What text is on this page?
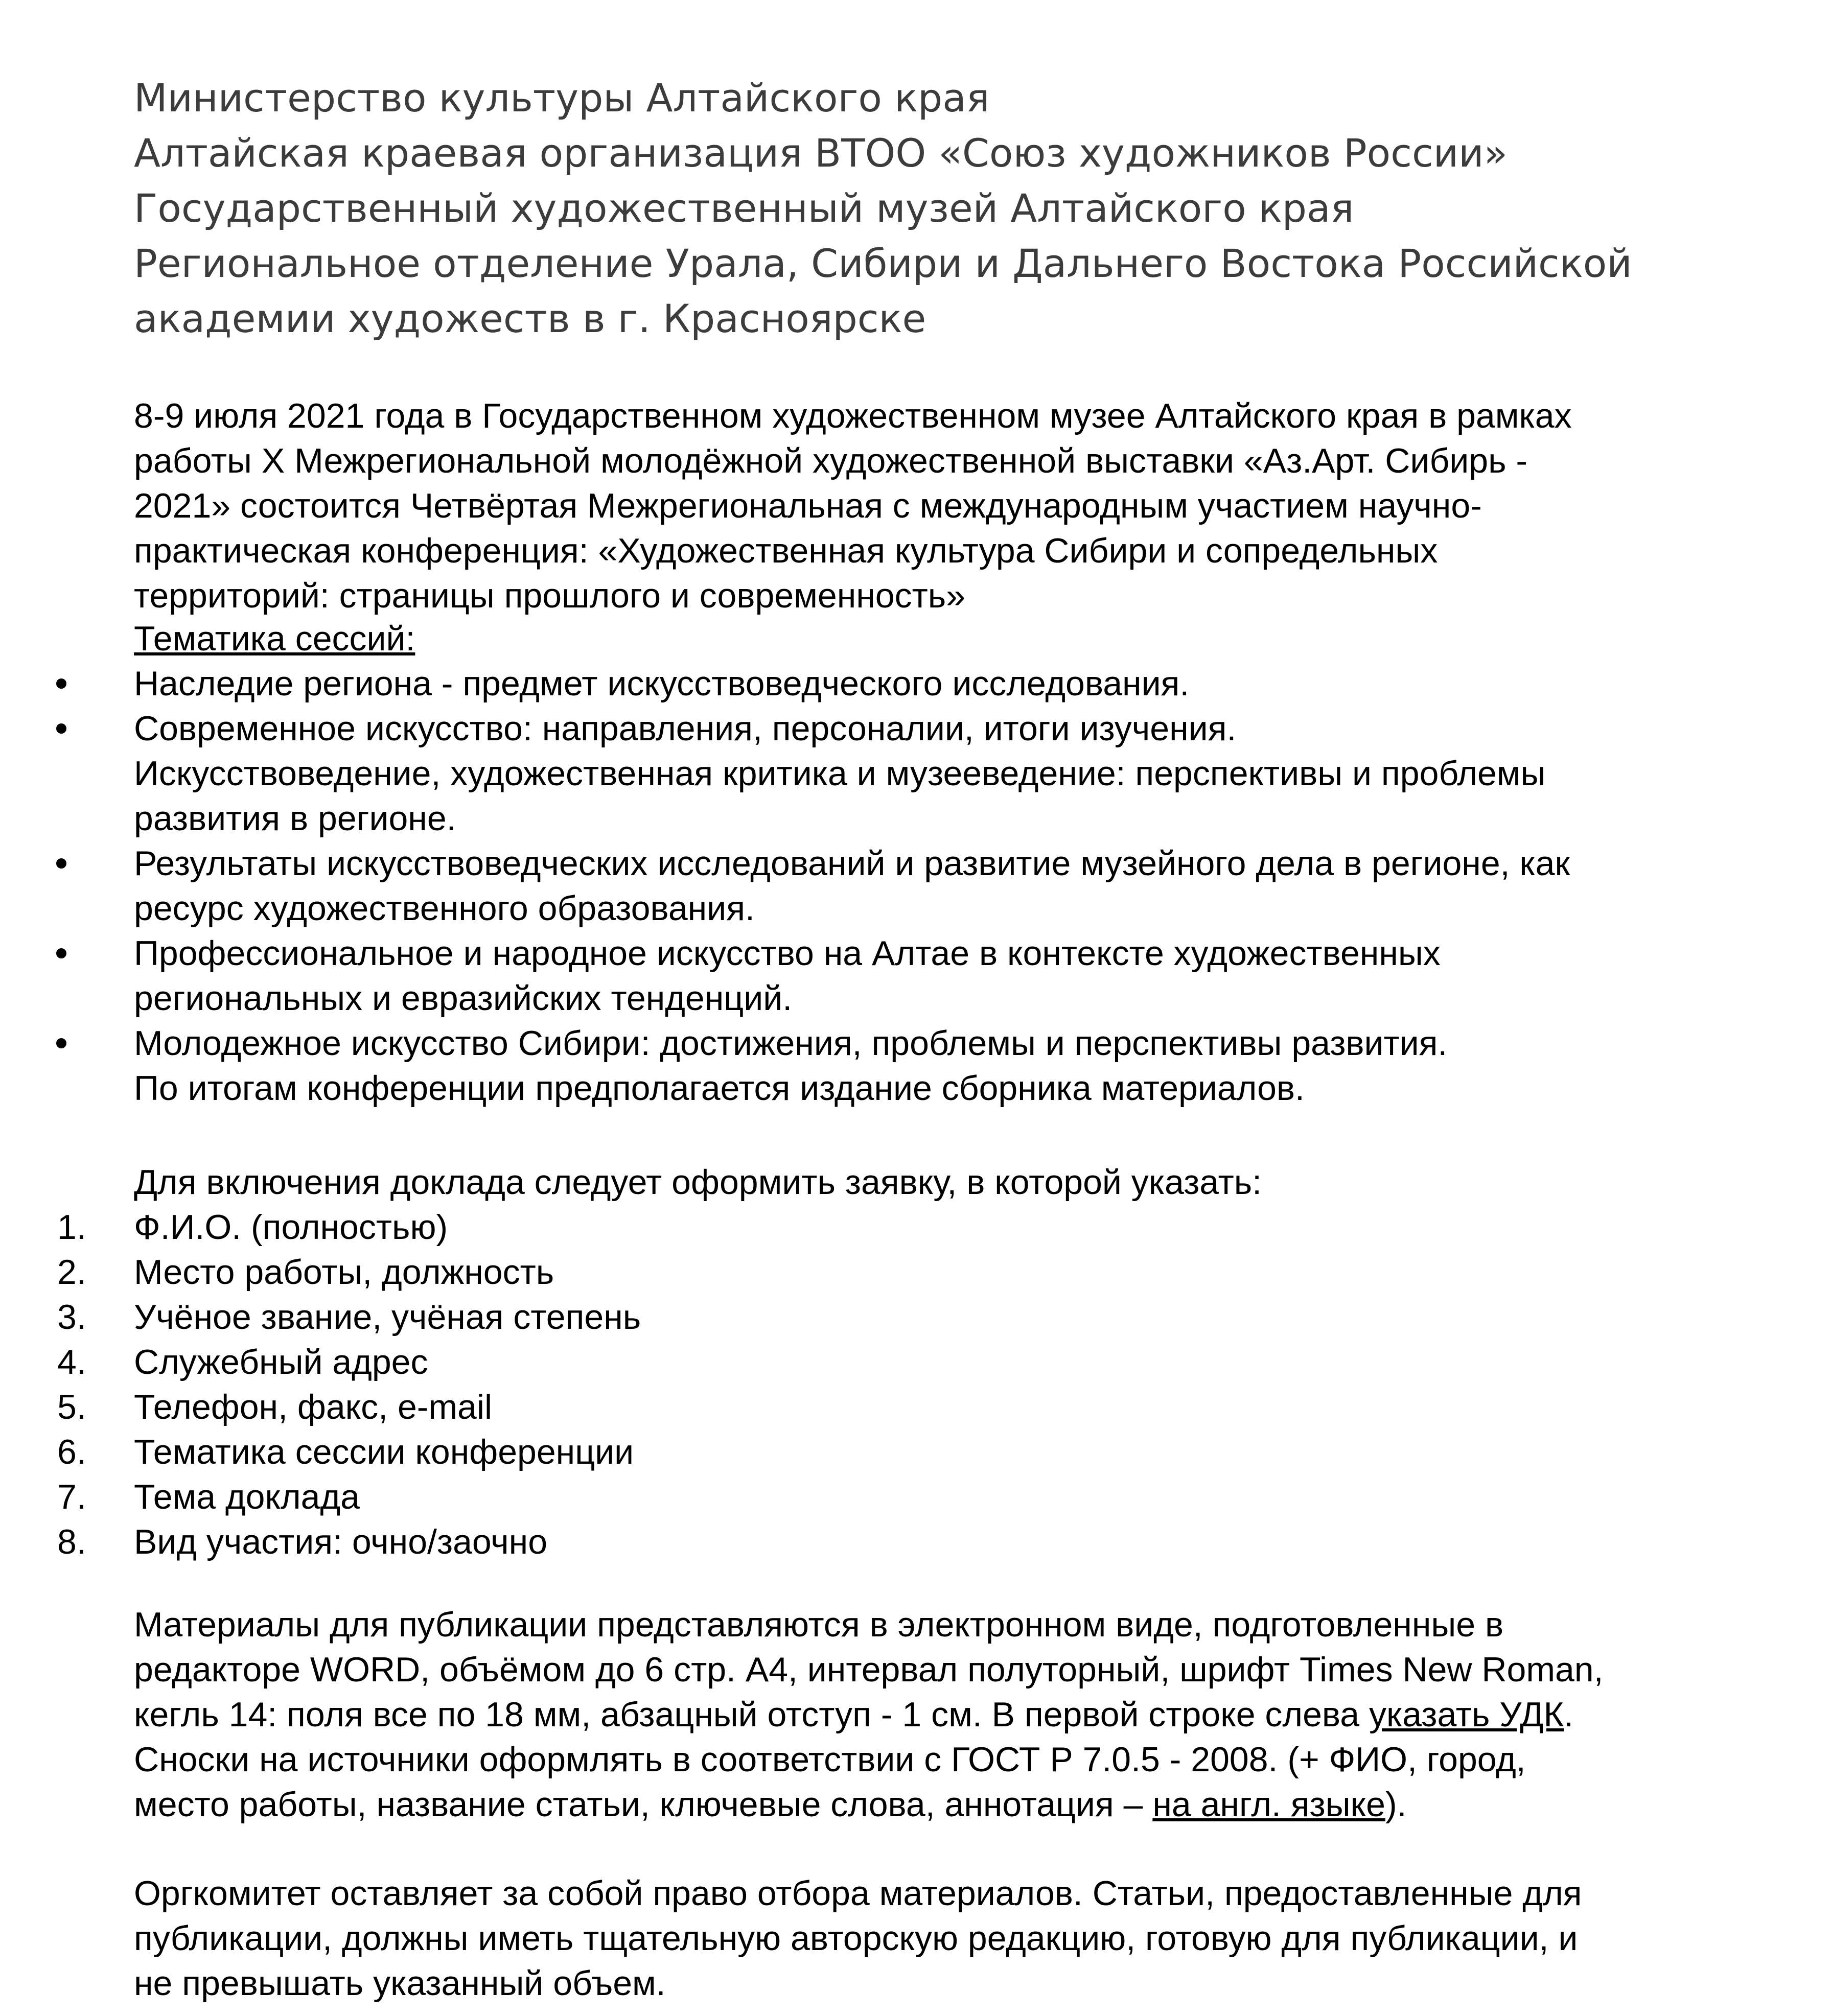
Министерство культуры Алтайского края
Алтайская краевая организация ВТОО «Союз художников России»
Государственный художественный музей Алтайского края
Региональное отделение Урала, Сибири и Дальнего Востока Российской
академии художеств в г. Красноярске
8-9 июля 2021 года в Государственном художественном музее Алтайского края в рамках
работы X Межрегиональной молодёжной художественной выставки «Аз.Арт. Сибирь -
2021» состоится Четвёртая Межрегиональная с международным участием научно-
практическая конференция: «Художественная культура Сибири и сопредельных
территорий: страницы прошлого и современность»
Тематика сессий:
Наследие региона - предмет искусствоведческого исследования.
Современное искусство: направления, персоналии, итоги изучения.
Искусствоведение, художественная критика и музееведение: перспективы и проблемы
развития в регионе.
Результаты искусствоведческих исследований и развитие музейного дела в регионе, как
ресурс художественного образования.
Профессиональное и народное искусство на Алтае в контексте художественных
региональных и евразийских тенденций.
Молодежное искусство Сибири: достижения, проблемы и перспективы развития.
По итогам конференции предполагается издание сборника материалов.
Для включения доклада следует оформить заявку, в которой указать:
1. Ф.И.О. (полностью)
2. Место работы, должность
3. Учёное звание, учёная степень
4. Служебный адрес
5. Телефон, факс, e-mail
6. Тематика сессии конференции
7. Тема доклада
8. Вид участия: очно/заочно
Материалы для публикации представляются в электронном виде, подготовленные в
редакторе WORD, объёмом до 6 стр. А4, интервал полуторный, шрифт Times New Roman,
кегль 14: поля все по 18 мм, абзацный отступ - 1 см. В первой строке слева указать УДК.
Сноски на источники оформлять в соответствии с ГОСТ Р 7.0.5 - 2008. (+ ФИО, город,
место работы, название статьи, ключевые слова, аннотация – на англ. языке).
Оргкомитет оставляет за собой право отбора материалов. Статьи, предоставленные для
публикации, должны иметь тщательную авторскую редакцию, готовую для публикации, и
не превышать указанный объем.
